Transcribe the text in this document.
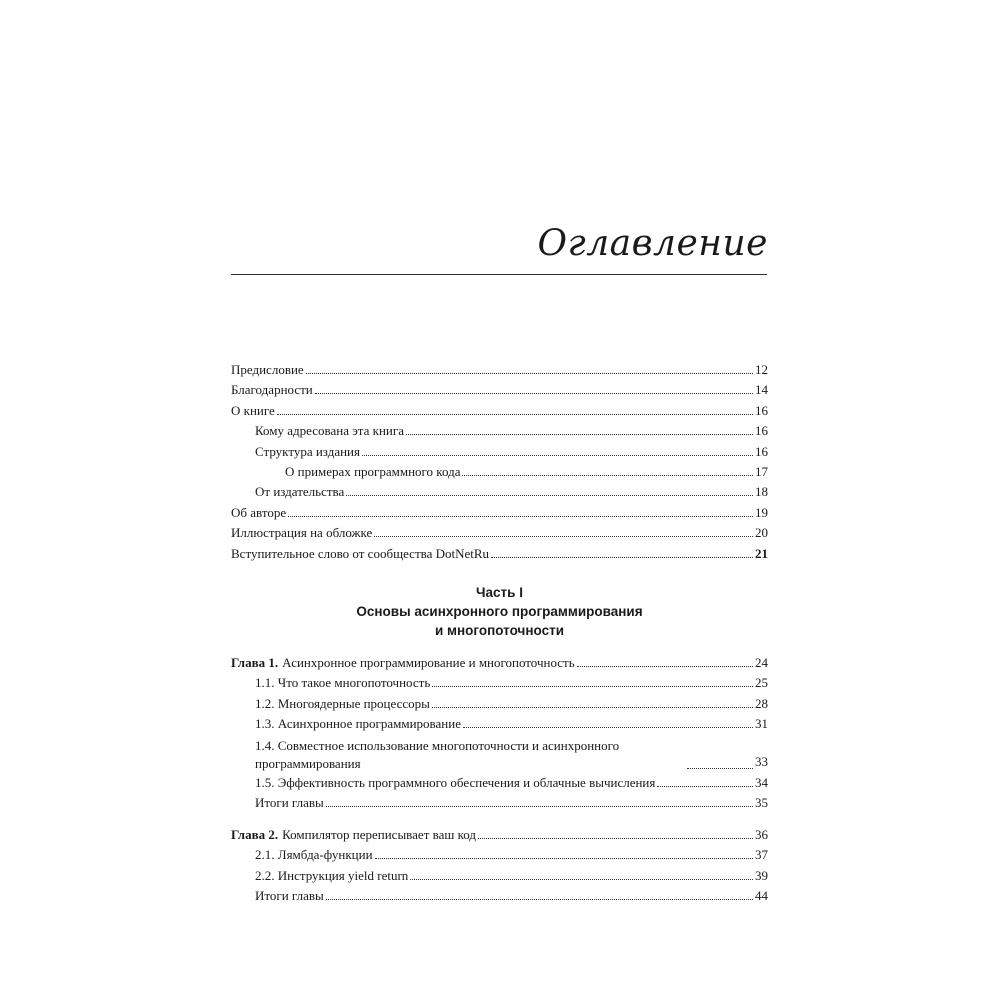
Оглавление
Предисловие	12
Благодарности	14
О книге	16
Кому адресована эта книга	16
Структура издания	16
О примерах программного кода	17
От издательства	18
Об авторе	19
Иллюстрация на обложке	20
Вступительное слово от сообщества DotNetRu	21
Часть I
Основы асинхронного программирования
и многопоточности
Глава 1. Асинхронное программирование и многопоточность	24
1.1. Что такое многопоточность	25
1.2. Многоядерные процессоры	28
1.3. Асинхронное программирование	31
1.4. Совместное использование многопоточности и асинхронного программирования	33
1.5. Эффективность программного обеспечения и облачные вычисления	34
Итоги главы	35
Глава 2. Компилятор переписывает ваш код	36
2.1. Лямбда-функции	37
2.2. Инструкция yield return	39
Итоги главы	44
